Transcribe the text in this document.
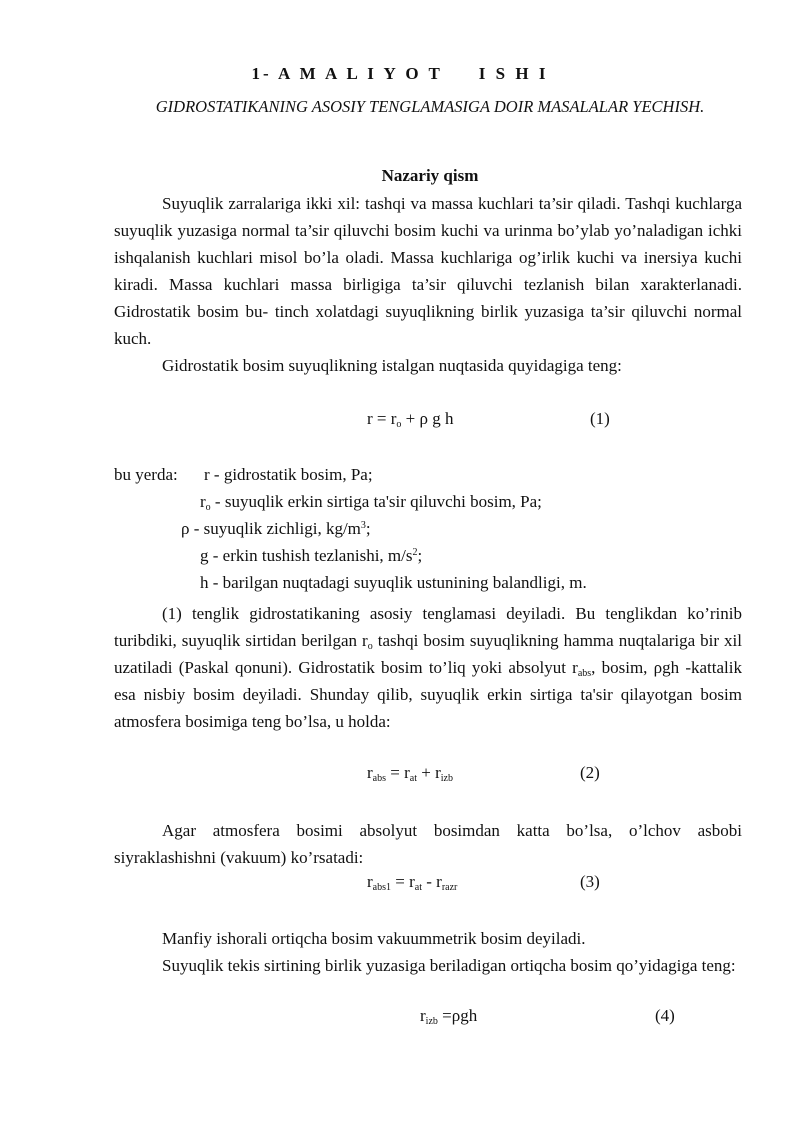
1- A M A L I Y O T     I S H I
GIDROSTATIKANING ASOSIY TENGLAMASIGA DOIR MASALALAR YECHISH.
Nazariy qism
Suyuqlik zarralariga ikki xil: tashqi va massa kuchlari ta’sir qiladi. Tashqi kuchlarga suyuqlik yuzasiga normal ta’sir qiluvchi bosim kuchi va urinma bo’ylab yo’naladigan ichki ishqalanish kuchlari misol bo’la oladi. Massa kuchlariga og’irlik kuchi va inersiya kuchi kiradi. Massa kuchlari massa birligiga ta’sir qiluvchi tezlanish bilan xarakterlanadi. Gidrostatik bosim bu- tinch xolatdagi suyuqlikning birlik yuzasiga ta’sir qiluvchi normal kuch.
Gidrostatik bosim suyuqlikning istalgan nuqtasida quyidagiga teng:
$r = r_o + \rho$ g h	(1)
bu yerda: r - gidrostatik bosim, Pa;
$r_o$ - suyuqlik erkin sirtiga ta'sir qiluvchi bosim, Pa;
ρ - suyuqlik zichligi, $kg/m^3$;
g - erkin tushish tezlanishi, $m/s^2$;
h - barilgan nuqtadagi suyuqlik ustunining balandligi, m.
(1) tenglik gidrostatikaning asosiy tenglamasi deyiladi. Bu tenglikdan ko’rinib turibdiki, suyuqlik sirtidan berilgan $r_o$ tashqi bosim suyuqlikning hamma nuqtalariga bir xil uzatiladi (Paskal qonuni). Gidrostatik bosim to’liq yoki absolyut $r_{abs}$, bosim, ρgh -kattalik esa nisbiy bosim deyiladi. Shunday qilib, suyuqlik erkin sirtiga ta'sir qilayotgan bosim atmosfera bosimiga teng bo’lsa, u holda:
$r_{abs} = r_{at} + r_{izb}$	(2)
Agar atmosfera bosimi absolyut bosimdan katta bo’lsa, o’lchov asbobi siyraklashishni (vakuum) ko’rsatadi:
$r_{abs1} = r_{at} - r_{razr}$	(3)
Manfiy ishorali ortiqcha bosim vakuummetrik bosim deyiladi.
Suyuqlik tekis sirtining birlik yuzasiga beriladigan ortiqcha bosim qo’yidagiga teng:
$r_{izb} =\rho gh$	(4)
